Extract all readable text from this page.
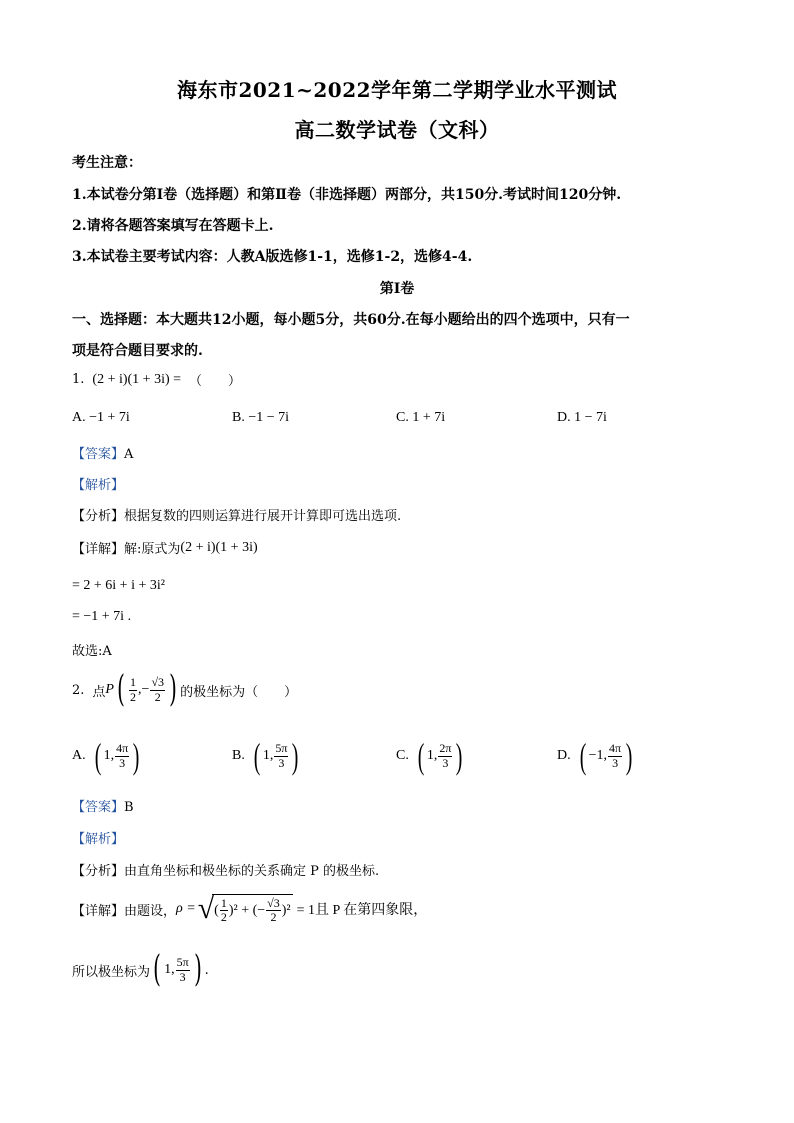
海东市2021~2022学年第二学期学业水平测试
高二数学试卷（文科）
考生注意：
1.本试卷分第Ⅰ卷（选择题）和第Ⅱ卷（非选择题）两部分，共150分.考试时间120分钟.
2.请将各题答案填写在答题卡上.
3.本试卷主要考试内容：人教A版选修1-1，选修1-2，选修4-4.
第Ⅰ卷
一、选择题：本大题共12小题，每小题5分，共60分.在每小题给出的四个选项中，只有一
项是符合题目要求的.
1. (2 + i)(1 + 3i) = （　　）
A. −1 + 7i	B. −1 − 7i	C. 1 + 7i	D. 1 − 7i
【答案】A
【解析】
【分析】根据复数的四则运算进行展开计算即可选出选项.
【详解】 解:原式为 (2 + i)(1 + 3i)
= 2 + 6i + i + 3i²
= −1 + 7i .
故选:A
2. 点 P ( $\frac{1}{2}$ ,− $\frac{√3}{2}$ ) 的极坐标为（　　）
A. ( 1, $\frac{4\pi}{3}$ )	B. ( 1, $\frac{5\pi}{3}$ )	C. ( 1, $\frac{2\pi}{3}$ )	D. ( −1, $\frac{4\pi}{3}$ )
【答案】B
【解析】
【分析】由直角坐标和极坐标的关系确定 P 的极坐标.
【详解】 由题设， ρ = √ ( $\frac{1}{2} )^2$ + (− $\frac{√3}{2} )^2 = 1$且 P 在第四象限，
所以极坐标为 ( 1, $\frac{5\pi}{3}$ ) .
